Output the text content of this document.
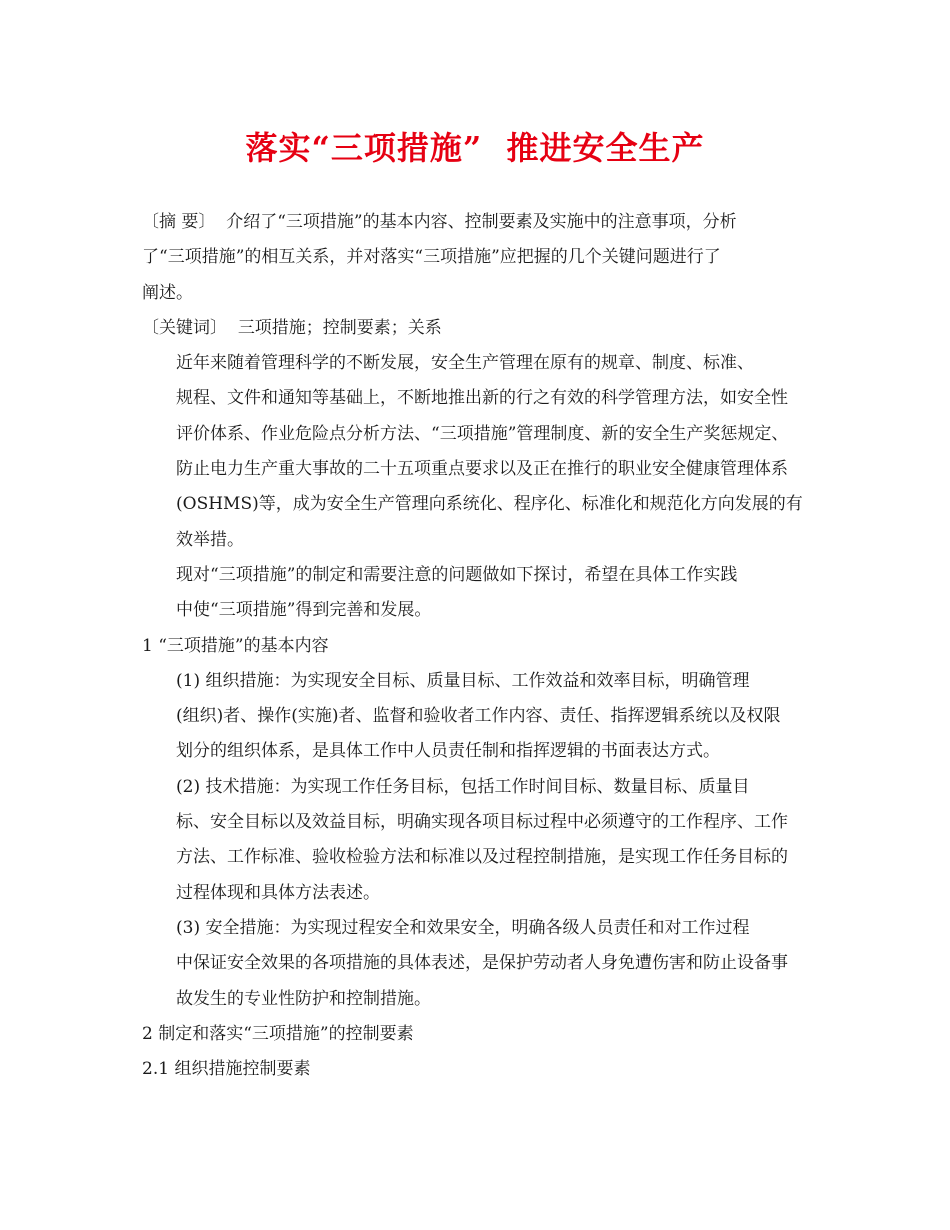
落实“三项措施”  推进安全生产
〔摘 要〕 介绍了“三项措施”的基本内容、控制要素及实施中的注意事项，分析
了“三项措施”的相互关系，并对落实“三项措施”应把握的几个关键问题进行了
阐述。
〔关键词〕 三项措施；控制要素；关系
近年来随着管理科学的不断发展，安全生产管理在原有的规章、制度、标准、
规程、文件和通知等基础上，不断地推出新的行之有效的科学管理方法，如安全性
评价体系、作业危险点分析方法、“三项措施”管理制度、新的安全生产奖惩规定、
防止电力生产重大事故的二十五项重点要求以及正在推行的职业安全健康管理体系
(OSHMS)等，成为安全生产管理向系统化、程序化、标准化和规范化方向发展的有
效举措。
现对“三项措施”的制定和需要注意的问题做如下探讨，希望在具体工作实践
中使“三项措施”得到完善和发展。
1 “三项措施”的基本内容
(1) 组织措施：为实现安全目标、质量目标、工作效益和效率目标，明确管理
(组织)者、操作(实施)者、监督和验收者工作内容、责任、指挥逻辑系统以及权限
划分的组织体系，是具体工作中人员责任制和指挥逻辑的书面表达方式。
(2) 技术措施：为实现工作任务目标，包括工作时间目标、数量目标、质量目
标、安全目标以及效益目标，明确实现各项目标过程中必须遵守的工作程序、工作
方法、工作标准、验收检验方法和标准以及过程控制措施，是实现工作任务目标的
过程体现和具体方法表述。
(3) 安全措施：为实现过程安全和效果安全，明确各级人员责任和对工作过程
中保证安全效果的各项措施的具体表述，是保护劳动者人身免遭伤害和防止设备事
故发生的专业性防护和控制措施。
2 制定和落实“三项措施”的控制要素
2.1 组织措施控制要素
